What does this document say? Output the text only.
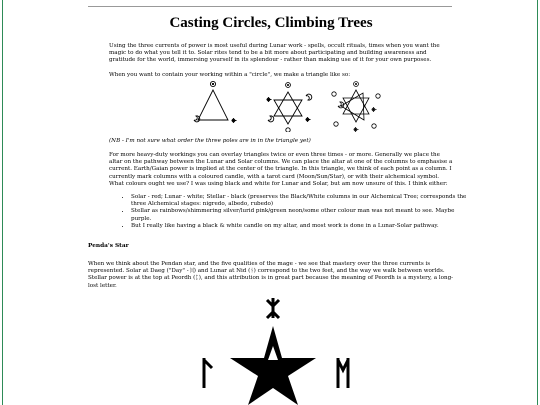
Casting Circles, Climbing Trees

Using the three currents of power is most useful during Lunar work - spells, occult rituals, times when you want the magic to do what you tell it to. Solar rites tend to be a bit more about participating and building awareness and gratitude for the world, immersing yourself in its splendour - rather than making use of it for your own purposes.

When you want to contain your working within a "circle", we make a triangle like so:

(NB - I'm not sure what order the three poles are in in the triangle yet)

For more heavy-duty workings you can overlay triangles twice or even three times - or more. Generally we place the altar on the pathway between the Lunar and Solar columns. We can place the altar at one of the columns to emphasise a current. Earth/Gaian power is implied at the center of the triangle. In this triangle, we think of each point as a column. I currently mark columns with a coloured candle, with a tarot card (Moon/Sun/Star), or with their alchemical symbol. What colours ought we use? I was using black and white for Lunar and Solar, but am now unsure of this. I think either:

• Solar - red; Lunar - white; Stellar - black (preserves the Black/White columns in our Alchemical Tree; corresponds the three Alchemical stages: nigredo, albedo, rubedo)
• Stellar as rainbows/shimmering silver/lurid pink/green neon/some other colour man was not meant to see. Maybe purple.
• But I really like having a black & white candle on my altar, and most work is done in a Lunar-Solar pathway.
Penda's Star

When we think about the Pendan star, and the five qualities of the mage - we see that mastery over the three currents is represented. Solar at Daeg ("Day" - ᛞ) and Lunar at Nid (ᚾ) correspond to the two feet, and the way we walk between worlds. Stellar power is at the top at Peordh (ᛈ), and this attribution is in great part because the meaning of Peordh is a mystery, a long-lost letter.
